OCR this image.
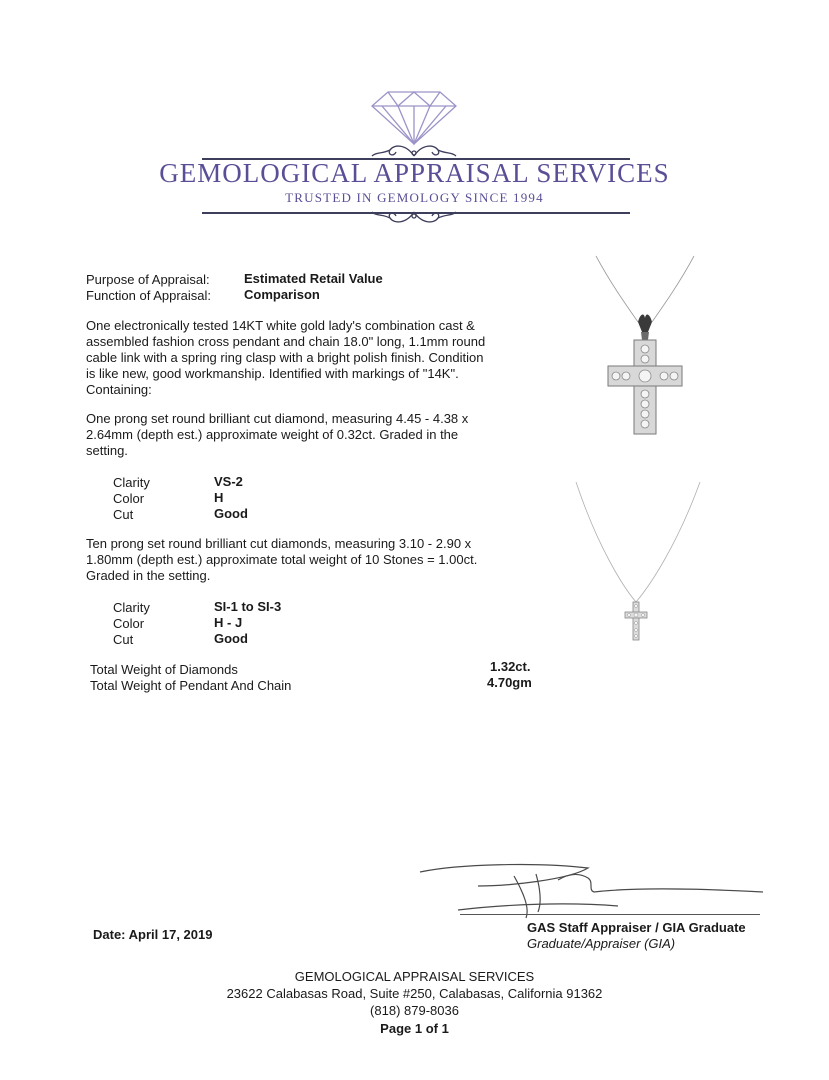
GEMOLOGICAL APPRAISAL SERVICES
TRUSTED IN GEMOLOGY SINCE 1994
Purpose of Appraisal:	Estimated Retail Value
Function of Appraisal:	Comparison
One electronically tested 14KT white gold lady's combination cast & assembled fashion cross pendant and chain 18.0" long, 1.1mm round cable link with a spring ring clasp with a bright polish finish. Condition is like new, good workmanship. Identified with markings of "14K". Containing:
One prong set round brilliant cut diamond, measuring 4.45 - 4.38 x 2.64mm (depth est.) approximate weight of 0.32ct. Graded in the setting.
Clarity	VS-2
Color	H
Cut	Good
Ten prong set round brilliant cut diamonds, measuring 3.10 - 2.90 x 1.80mm (depth est.) approximate total weight of 10 Stones = 1.00ct. Graded in the setting.
Clarity	SI-1 to SI-3
Color	H - J
Cut	Good
Total Weight of Diamonds	1.32ct.
Total Weight of Pendant And Chain	4.70gm
Date: April 17, 2019	GAS Staff Appraiser / GIA Graduate
Graduate/Appraiser (GIA)
GEMOLOGICAL APPRAISAL SERVICES
23622 Calabasas Road, Suite #250, Calabasas, California 91362
(818) 879-8036
Page 1 of 1
